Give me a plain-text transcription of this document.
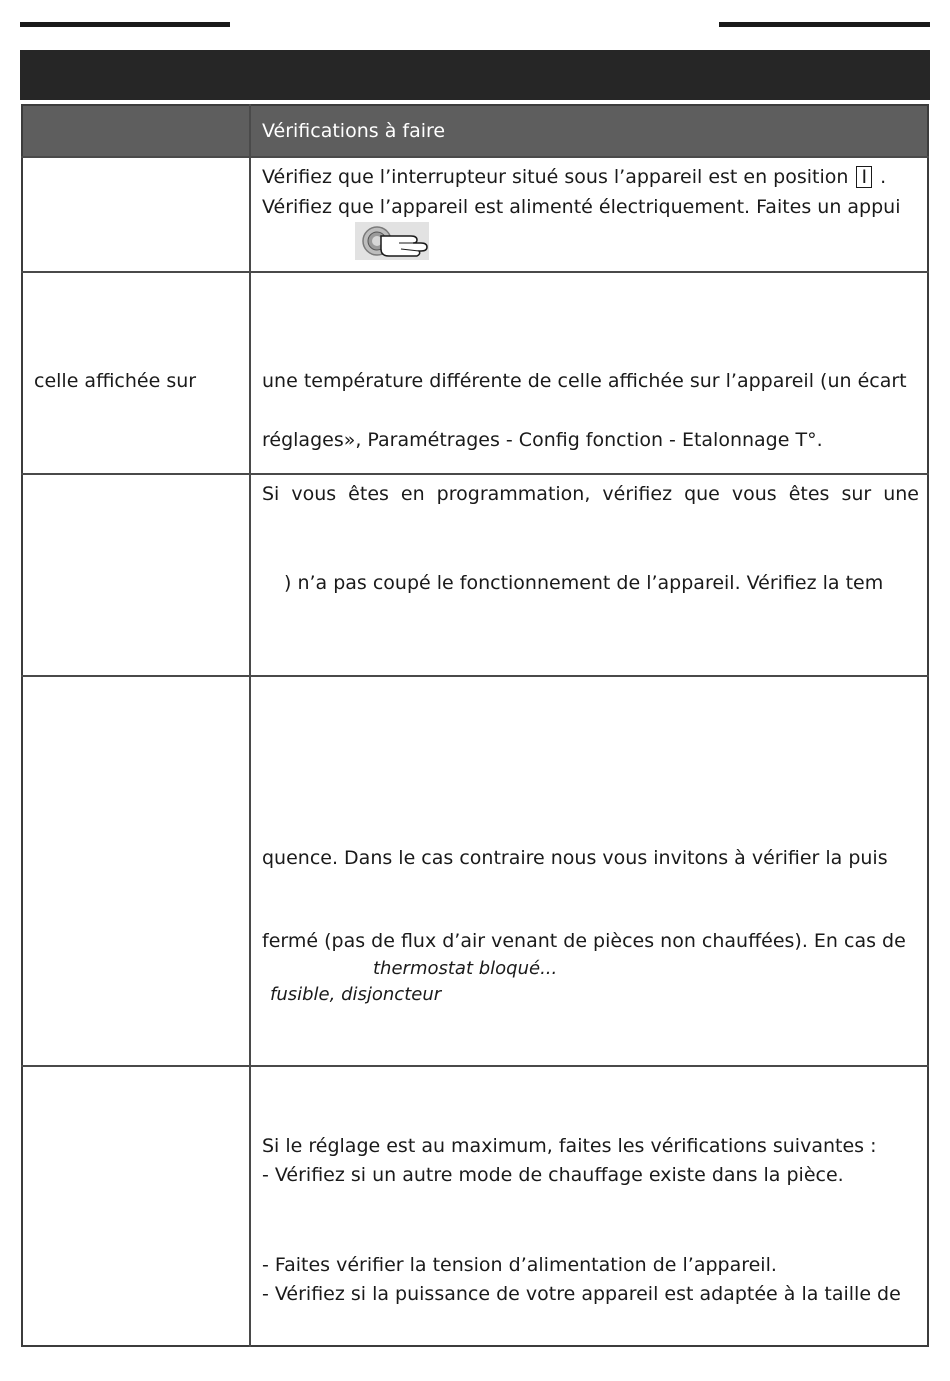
Vérifications à faire
Vérifiez que l’interrupteur situé sous l’appareil est en position I .
Vérifiez que l’appareil est alimenté électriquement. Faites un appui
celle affichée sur	une température différente de celle affichée sur l’appareil (un écart
réglages», Paramétrages - Config fonction - Etalonnage T°.
Si vous êtes en programmation, vérifiez que vous êtes sur une
) n’a pas coupé le fonctionnement de l’appareil. Vérifiez la tem
quence. Dans le cas contraire nous vous invitons à vérifier la puis
fermé (pas de flux d’air venant de pièces non chauffées). En cas de
thermostat bloqué...
fusible, disjoncteur
Si le réglage est au maximum, faites les vérifications suivantes :
- Vérifiez si un autre mode de chauffage existe dans la pièce.
- Faites vérifier la tension d’alimentation de l’appareil.
- Vérifiez si la puissance de votre appareil est adaptée à la taille de
